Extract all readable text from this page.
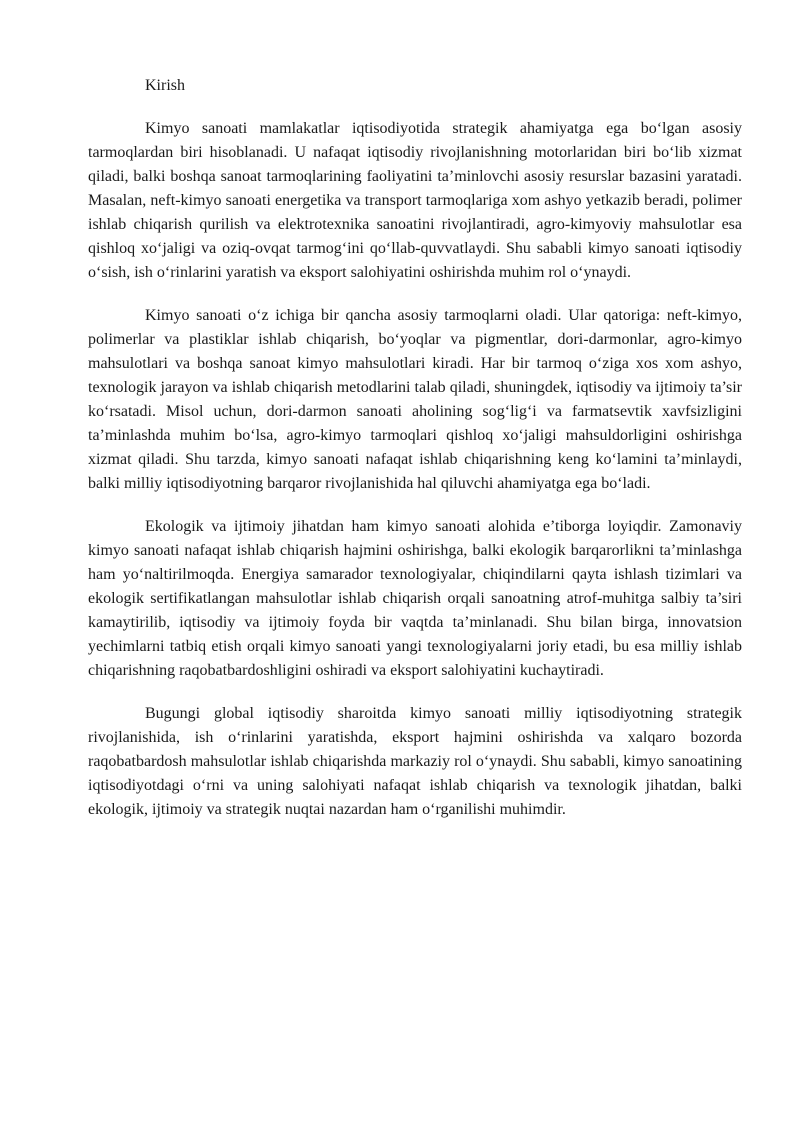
Kirish

Kimyo sanoati mamlakatlar iqtisodiyotida strategik ahamiyatga ega bo‘lgan asosiy tarmoqlardan biri hisoblanadi. U nafaqat iqtisodiy rivojlanishning motorlaridan biri bo‘lib xizmat qiladi, balki boshqa sanoat tarmoqlarining faoliyatini ta’minlovchi asosiy resurslar bazasini yaratadi. Masalan, neft-kimyo sanoati energetika va transport tarmoqlariga xom ashyo yetkazib beradi, polimer ishlab chiqarish qurilish va elektrotexnika sanoatini rivojlantiradi, agro-kimyoviy mahsulotlar esa qishloq xo‘jaligi va oziq-ovqat tarmog‘ini qo‘llab-quvvatlaydi. Shu sababli kimyo sanoati iqtisodiy o‘sish, ish o‘rinlarini yaratish va eksport salohiyatini oshirishda muhim rol o‘ynaydi.

Kimyo sanoati o‘z ichiga bir qancha asosiy tarmoqlarni oladi. Ular qatoriga: neft-kimyo, polimerlar va plastiklar ishlab chiqarish, bo‘yoqlar va pigmentlar, dori-darmonlar, agro-kimyo mahsulotlari va boshqa sanoat kimyo mahsulotlari kiradi. Har bir tarmoq o‘ziga xos xom ashyo, texnologik jarayon va ishlab chiqarish metodlarini talab qiladi, shuningdek, iqtisodiy va ijtimoiy ta’sir ko‘rsatadi. Misol uchun, dori-darmon sanoati aholining sog‘lig‘i va farmatsevtik xavfsizligini ta’minlashda muhim bo‘lsa, agro-kimyo tarmoqlari qishloq xo‘jaligi mahsuldorligini oshirishga xizmat qiladi. Shu tarzda, kimyo sanoati nafaqat ishlab chiqarishning keng ko‘lamini ta’minlaydi, balki milliy iqtisodiyotning barqaror rivojlanishida hal qiluvchi ahamiyatga ega bo‘ladi.

Ekologik va ijtimoiy jihatdan ham kimyo sanoati alohida e’tiborga loyiqdir. Zamonaviy kimyo sanoati nafaqat ishlab chiqarish hajmini oshirishga, balki ekologik barqarorlikni ta’minlashga ham yo‘naltirilmoqda. Energiya samarador texnologiyalar, chiqindilarni qayta ishlash tizimlari va ekologik sertifikatlangan mahsulotlar ishlab chiqarish orqali sanoatning atrof-muhitga salbiy ta’siri kamaytirilib, iqtisodiy va ijtimoiy foyda bir vaqtda ta’minlanadi. Shu bilan birga, innovatsion yechimlarni tatbiq etish orqali kimyo sanoati yangi texnologiyalarni joriy etadi, bu esa milliy ishlab chiqarishning raqobatbardoshligini oshiradi va eksport salohiyatini kuchaytiradi.

Bugungi global iqtisodiy sharoitda kimyo sanoati milliy iqtisodiyotning strategik rivojlanishida, ish o‘rinlarini yaratishda, eksport hajmini oshirishda va xalqaro bozorda raqobatbardosh mahsulotlar ishlab chiqarishda markaziy rol o‘ynaydi. Shu sababli, kimyo sanoatining iqtisodiyotdagi o‘rni va uning salohiyati nafaqat ishlab chiqarish va texnologik jihatdan, balki ekologik, ijtimoiy va strategik nuqtai nazardan ham o‘rganilishi muhimdir.
